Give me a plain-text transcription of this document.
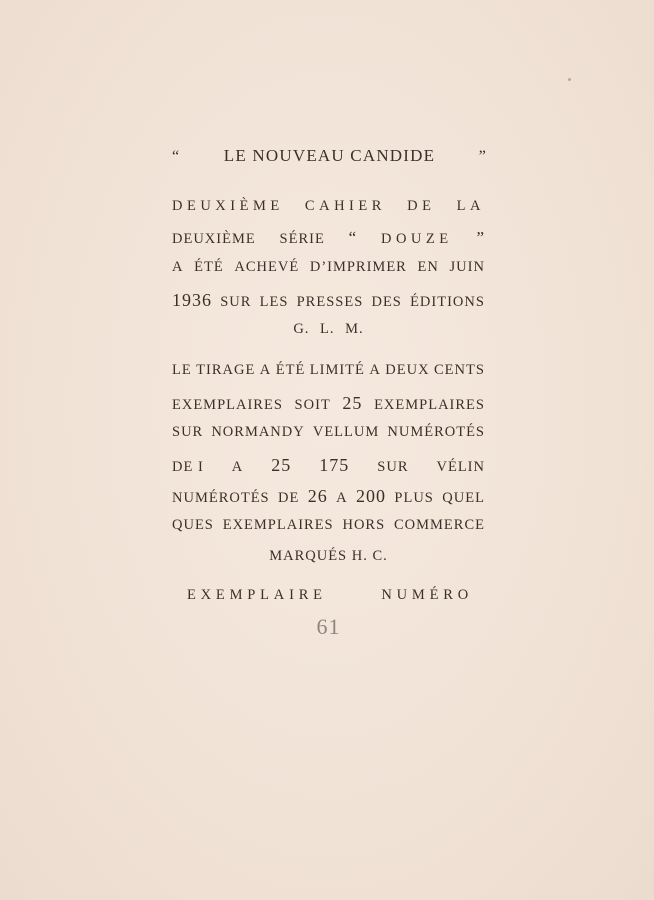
“	LE NOUVEAU CANDIDE	”
DEUXIÈME CAHIER DE LA
DEUXIÈME SÉRIE “ DOUZE ”
A ÉTÉ ACHEVÉ D’IMPRIMER EN JUIN
1936 SUR LES PRESSES DES ÉDITIONS
G. L. M.
LE TIRAGE A ÉTÉ LIMITÉ A DEUX CENTS
EXEMPLAIRES SOIT 25 EXEMPLAIRES
SUR NORMANDY VELLUM NUMÉROTÉS
DE I A 25 175 SUR VÉLIN
NUMÉROTÉS DE 26 A 200 PLUS QUEL
QUES EXEMPLAIRES HORS COMMERCE
MARQUÉS H. C.
EXEMPLAIRE	NUMÉRO
61
